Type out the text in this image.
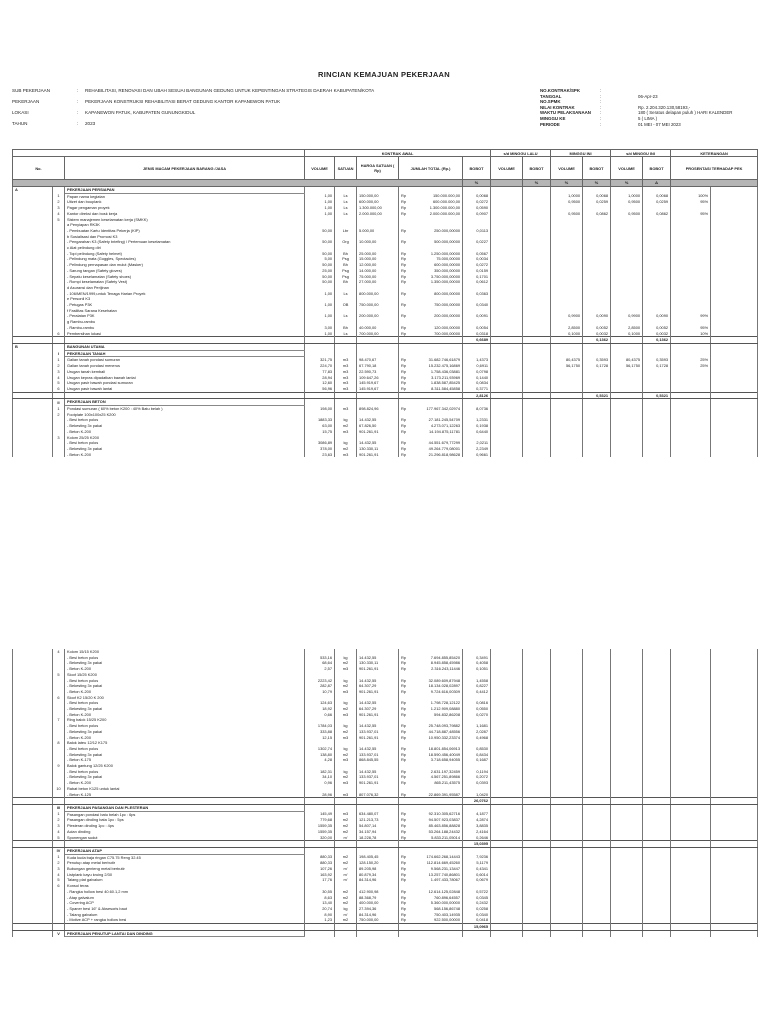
RINCIAN KEMAJUAN PEKERJAAN
SUB PEKERJAAN	: REHABILITASI, RENOVASI DAN UBAH SESUAI BANGUNAN GEDUNG UNTUK KEPENTINGAN STRATEGIS DAERAH KABUPATEN/KOTA
PEKERJAAN	: PEKERJAAN KONSTRUKSI REHABILITASI BERAT GEDUNG KANTOR KAPANEWON PATUK
LOKASI	: KAPANEWON PATUK, KABUPATEN GUNUNGKIDUL
TAHUN	: 2023
NO.KONTRAK/SPK	:
TANGGAL	:	06-Apr-23
NO.SPMK	:
NILAI KONTRAK	:	Rp. 2.204.320.130,58193,-
WAKTU PELAKSANAAN :	180 ( Seratus delapan puluh ) HARI KALENDER
MINGGU KE	:	5 ( LIMA )
PERIODE	:	01 MEI - 07 MEI 2023
			KONTRAK AWAL					s/d MINGGU LALU		MINGGU INI		s/d MINGGU INI		KETERANGAN	
No.		JENIS MACAM PEKERJAAN BARANG /JASA	VOLUME	SATUAN	HARGA SATUAN ( Rp)	JUMLAH TOTAL (Rp.)	BOBOT	VOLUME	BOBOT	VOLUME	BOBOT	VOLUME	BOBOT	PROSENTASI TERHADAP PEK	
							%		%	%	%	%	Δ		
A		PEKERJAAN PERSIAPAN													
	1	Papan nama kegiatan	1,00	Ls	150.000,00	Rp 150.000.000,00	0,0068			1,0000	0,0068	1,0000	0,0068	100%	
	2	Uitzet dan bouplank	1,00	Ls	600.000,00	Rp 600.000.000,00	0,0272			0,9500	0,0259	0,9500	0,0259	95%	
	3	Pagar pengaman proyek	1,00	Ls	1.300.000,00	Rp 1.300.000.000,00	0,0590								
	4	Kantor direksi dan bosk kerja	1,00	Ls	2.000.000,00	Rp 2.000.000.000,00	0,0907			0,9500	0,0862	0,9500	0,0862	95%	
	5	Sistem manajemen keselamatan kerja (SMKK)													
		a Penyiapan RK3K													
		- Pembuatan Kartu Identitas Pekerja (KIP)	50,00	Lbr	5.000,00	Rp 250.000,00000	0,0113								
		b Sosialisasi dan Promosi K3													
		- Pengarahan K3 (Safety briefing) / Pertemuan keselamatan	50,00	Org	10.000,00	Rp 500.000,00000	0,0227								
		c Alat pelindung diri													
		- Topi pelindung (Safety helmet)	50,00	Bh	25.000,00	Rp 1.250.000,00000	0,0567								
		- Pelindung mata (Goggles, Spectacles)	5,00	Psg	15.000,00	Rp 75.000,00000	0,0034								
		- Pelindung pernapasan dan mulut (Masker)	50,00	Bh	12.000,00	Rp 600.000,00000	0,0272								
		- Sarung tangan (Safety gloves)	25,00	Psg	14.000,00	Rp 350.000,00000	0,0159								
		- Sepatu keselamatan (Safety shoes)	50,00	Psg	75.000,00	Rp 3.750.000,00000	0,1701								
		- Rompi keselamatan (Safety Vest)	50,00	Bh	27.000,00	Rp 1.350.000,00000	0,0612								
		d Asuransi dan Perijinan													
		- 106/MEN/1999,untuk Tenaga Harian Proyek	1,00	Ls	800.000,00	Rp 800.000,00000	0,0363								
		e Personil K3													
		- Petugas P3K	1,00	OB	750.000,00	Rp 750.000,00000	0,0340								
		f Fasilitas Sarana Kesehatan													
		- Peralatan P3K	1,00	Ls	200.000,00	Rp 200.000,00000	0,0091			0,9900	0,0090	0,9900	0,0090	99%	
		g Rambu-rambu													
		- Rambu-rambu	3,00	Bh	40.000,00	Rp 120.000,00000	0,0054			2,8500	0,0052	2,8500	0,0052	95%	
	6	Pembersihan lokasi	1,00	Ls	700.000,00	Rp 700.000,00000	0,0318			0,1000	0,0032	0,1000	0,0032	10%	
							0,6689				0,1362		0,1362		
B		BANGUNAN UTAMA													
	I	PEKERJAAN TANAH													
	1	Galian tanah pondasi sumuran	321,75	m3	98.470,67	Rp 31.682.746,61879	1,4373			80,4375	0,3593	80,4375	0,3593	25%	
	2	Galian tanah pondasi menerus	224,70	m3	67.790,18	Rp 15.232.475,16869	0,6911			56,1750	0,1728	56,1750	0,1728	25%	
	3	Urugan tanah kembali	77,83	m3	22.590,73	Rp 1.758.436,03881	0,0798								
	4	Urugan kepras dipadatkan bawah lantai	28,94	m3	109.647,26	Rp 3.173.211,93969	0,1440								
	5	Urugan pasir bawah pondasi sumuran	12,60	m3	145.919,67	Rp 1.838.587,85425	0,0834								
	6	Urugan pasir bawah lantai	56,96	m3	145.919,67	Rp 8.311.584,45858	0,3771								
							2,8126				0,5321		0,5321		
	II	PEKERJAAN BETON													
	1	Pondasi sumuran ( 60% beton K200 : 40% Batu belah )	198,00	m3	898.824,96	Rp 177.967.342,02974	8,0736								
	2	Footplate 100x100x25 K200													
		- Besi beton polos	1883,33	kg	14.432,55	Rp 27.181.245,54709	1,2331								
		- Bekesting 3x pakai	63,00	m2	67.826,50	Rp 4.273.071,12263	0,1938								
		- Beton K-200	15,75	m3	901.261,91	Rp 14.194.875,11781	0,6440								
	3	Kolom 25/25 K200													
		- Besi beton polos	3086,89	kg	14.432,55	Rp 44.551.679,77299	2,0211								
		- Bekesting 3x pakai	378,00	m2	130.330,11	Rp 49.264.779,08001	2,2349								
		- Beton K-200	23,63	m3	901.261,91	Rp 21.296.818,98628	0,9661								
	4	Kolom 15/15 K200													
		- Besi beton polos	533,16	kg	14.432,55	Rp 7.694.855,85420	0,3491								
		- Bekesting 3x pakai	68,64	m2	130.330,11	Rp 8.945.858,45986	0,4058								
		- Beton K-200	2,57	m3	901.261,91	Rp 2.316.243,11446	0,1051								
	5	Sloof 15/25 K200													
		- Besi beton polos	2223,42	kg	14.432,55	Rp 32.089.609,87948	1,4558								
		- Bekesting 3x pakai	282,87	m2	64.307,29	Rp 18.134.028,02897	0,8227								
		- Beton K-200	10,79	m3	901.261,91	Rp 9.724.616,00309	0,4412								
	6	Sloof K2 15/20 K 200													
		- Besi beton polos	124,63	kg	14.432,55	Rp 1.798.728,12122	0,0816								
		- Bekesting 3x pakai	18,92	m2	64.307,29	Rp 1.212.909,08880	0,0550								
		- Beton K-200	0,66	m3	901.261,91	Rp 594.832,86208	0,0270								
	7	Ring balok 15/25 K200													
		- Besi beton polos	1784,03	kg	14.432,55	Rp 25.748.093,79882	1,1681								
		- Bekesting 3x pakai	333,88	m2	133.937,01	Rp 44.718.887,48556	2,0287								
		- Beton K-200	12,15	m3	901.261,91	Rp 10.950.332,23374	0,4968								
	8	Balok lateu 12/12 K175													
		- Besi beton polos	1302,74	kg	14.432,55	Rp 18.801.854,06913	0,8530								
		- Bekesting 3x pakai	138,80	m2	133.937,01	Rp 18.590.456,40049	0,8434								
		- Beton K-175	4,28	m3	868.845,55	Rp 3.718.658,94055	0,1687								
	9	Balok gantung 12/25 K200													
		- Besi beton polos	182,31	kg	14.432,55	Rp 2.631.197,32459	0,1194								
		- Bekesting 3x pakai	34,10	m2	133.937,01	Rp 4.567.251,89866	0,2072								
		- Beton K-200	0,96	m3	901.261,91	Rp 865.211,43575	0,0393								
	10	Rabat beton K125 untuk lantai													
		- Beton K-125	28,96	m3	807.076,32	Rp 22.869.391,95587	1,0420								
							26,0762								
	III	PEKERJAAN PASANGAN DAN PLESTERAN													
	1	Pasangan pondasi batu belah 1pc : 6ps	145,49	m3	634.480,07	Rp 92.310.305,62716	4,1877								
	2	Pasangan dinding bata 1pc : 5ps	779,68	m2	121.213,73	Rp 94.507.923,03837	4,2874								
	3	Plesteran dinding 1pc : 4ps	1559,35	m2	54.807,14	Rp 85.463.856,88828	3,8835								
	4	Acian dinding	1559,35	m2	34.157,94	Rp 53.264.188,24432	2,4164								
	5	Sponengan sudut	320,00	m'	18.228,78	Rp 5.833.211,05014	0,2646								
							15,0395								
	IV	PEKERJAAN ATAP													
	1	Kuda kuda baja ringan C75.75 Reng 32.45	880,33	m2	198.405,45	Rp 174.662.268,14443	7,9236								
	2	Penutup atap metal berbutir	880,33	m2	128.150,20	Rp 112.814.669,45260	5,1179								
	3	Bubungan genteng metal berbutir	107,26	m'	89.205,98	Rp 9.568.231,13447	0,4341								
	4	Listplank kayu kruing 2/30	163,92	m'	80.879,34	Rp 13.257.740,86801	0,6014								
	5	Talang plat galvalum	17,76	m'	84.314,96	Rp 1.497.433,78067	0,0679								
	6	Konsol teras													
		- Rangka hollow besi 40.60.1,2 mm	30,55	m2	412.900,98	Rp 12.614.125,02848	0,5722								
		- Atap galvalum	8,63	m2	88.368,79	Rp 760.896,64557	0,0345								
		- Covering ACP	13,40	m2	400.000,00	Rp 5.360.000,00000	0,2432								
		- Spaner besi 16" & Aksesoris baut	20,74	kg	27.394,36	Rp 568.156,86748	0,0258								
		- Talang galvalum	8,90	m'	84.314,96	Rp 750.403,14935	0,0340								
		- Motive ACP + rangka hollow besi	1,23	m2	750.000,00	Rp 922.500,00000	0,0418								
							15,0965								
	V	PEKERJAAN PENUTUP LANTAI DAN DINDING													
